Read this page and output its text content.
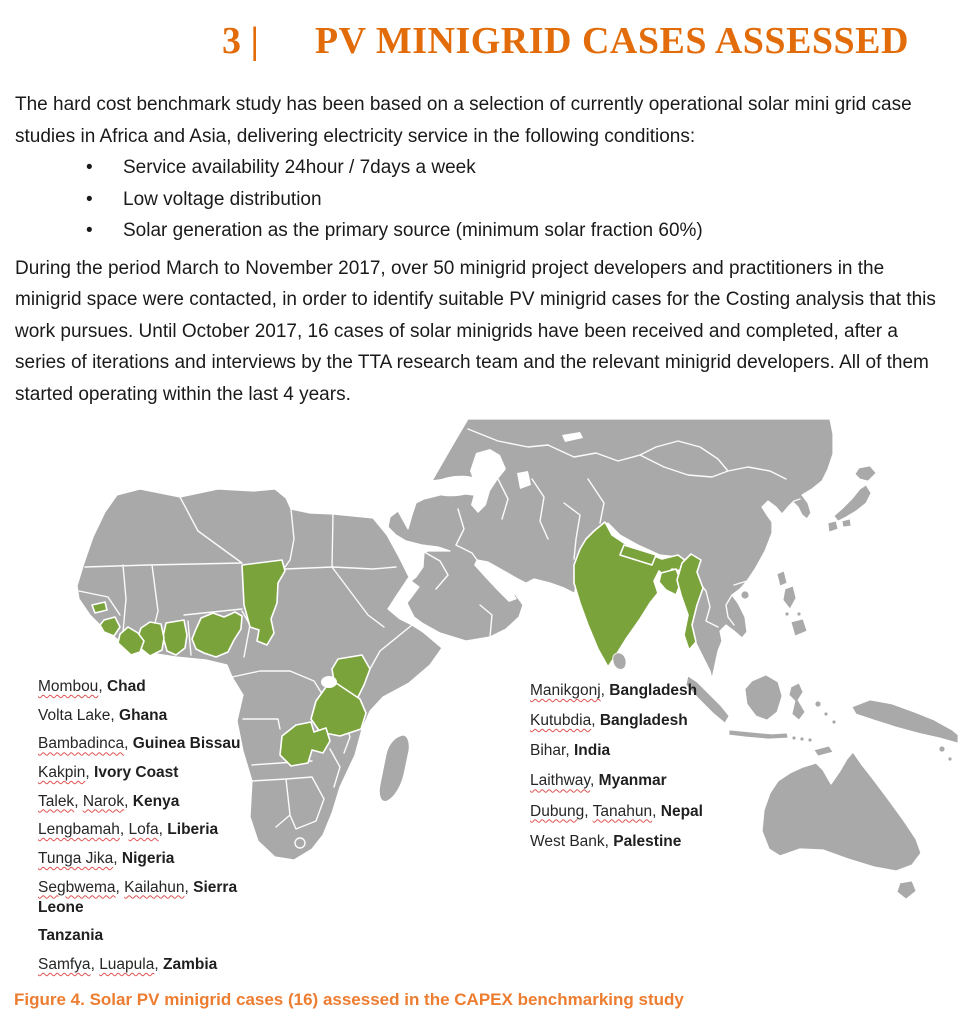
3 | PV MINIGRID CASES ASSESSED

The hard cost benchmark study has been based on a selection of currently operational solar mini grid case studies in Africa and Asia, delivering electricity service in the following conditions:

• Service availability 24hour / 7days a week
• Low voltage distribution
• Solar generation as the primary source (minimum solar fraction 60%)

During the period March to November 2017, over 50 minigrid project developers and practitioners in the minigrid space were contacted, in order to identify suitable PV minigrid cases for the Costing analysis that this work pursues. Until October 2017, 16 cases of solar minigrids have been received and completed, after a series of iterations and interviews by the TTA research team and the relevant minigrid developers. All of them started operating within the last 4 years.

Mombou, Chad
Volta Lake, Ghana
Bambadinca, Guinea Bissau
Kakpin, Ivory Coast
Talek, Narok, Kenya
Lengbamah, Lofa, Liberia
Tunga Jika, Nigeria
Segbwema, Kailahun, Sierra Leone
Tanzania
Samfya, Luapula, Zambia
Manikgonj, Bangladesh
Kutubdia, Bangladesh
Bihar, India
Laithway, Myanmar
Dubung, Tanahun, Nepal
West Bank, Palestine

Figure 4. Solar PV minigrid cases (16) assessed in the CAPEX benchmarking study
